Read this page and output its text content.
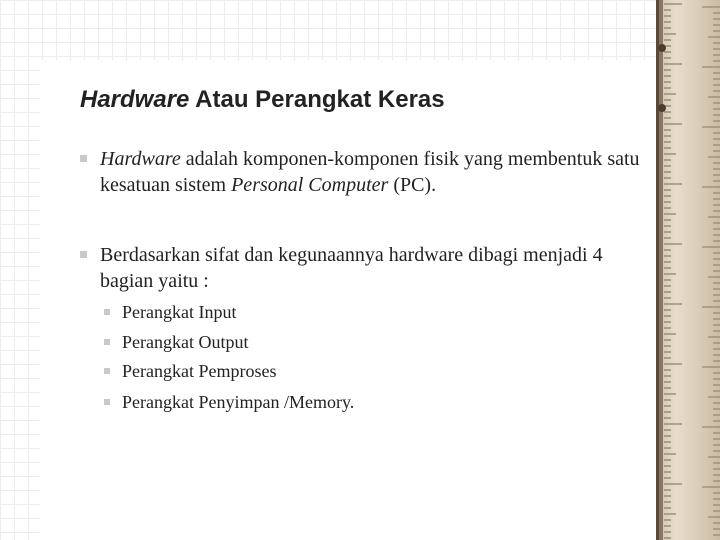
Hardware Atau Perangkat Keras
Hardware adalah komponen-komponen fisik yang membentuk satu kesatuan sistem Personal Computer (PC).
Berdasarkan sifat dan kegunaannya hardware dibagi menjadi 4 bagian yaitu :
Perangkat Input
Perangkat Output
Perangkat Pemproses
Perangkat Penyimpan /Memory.
